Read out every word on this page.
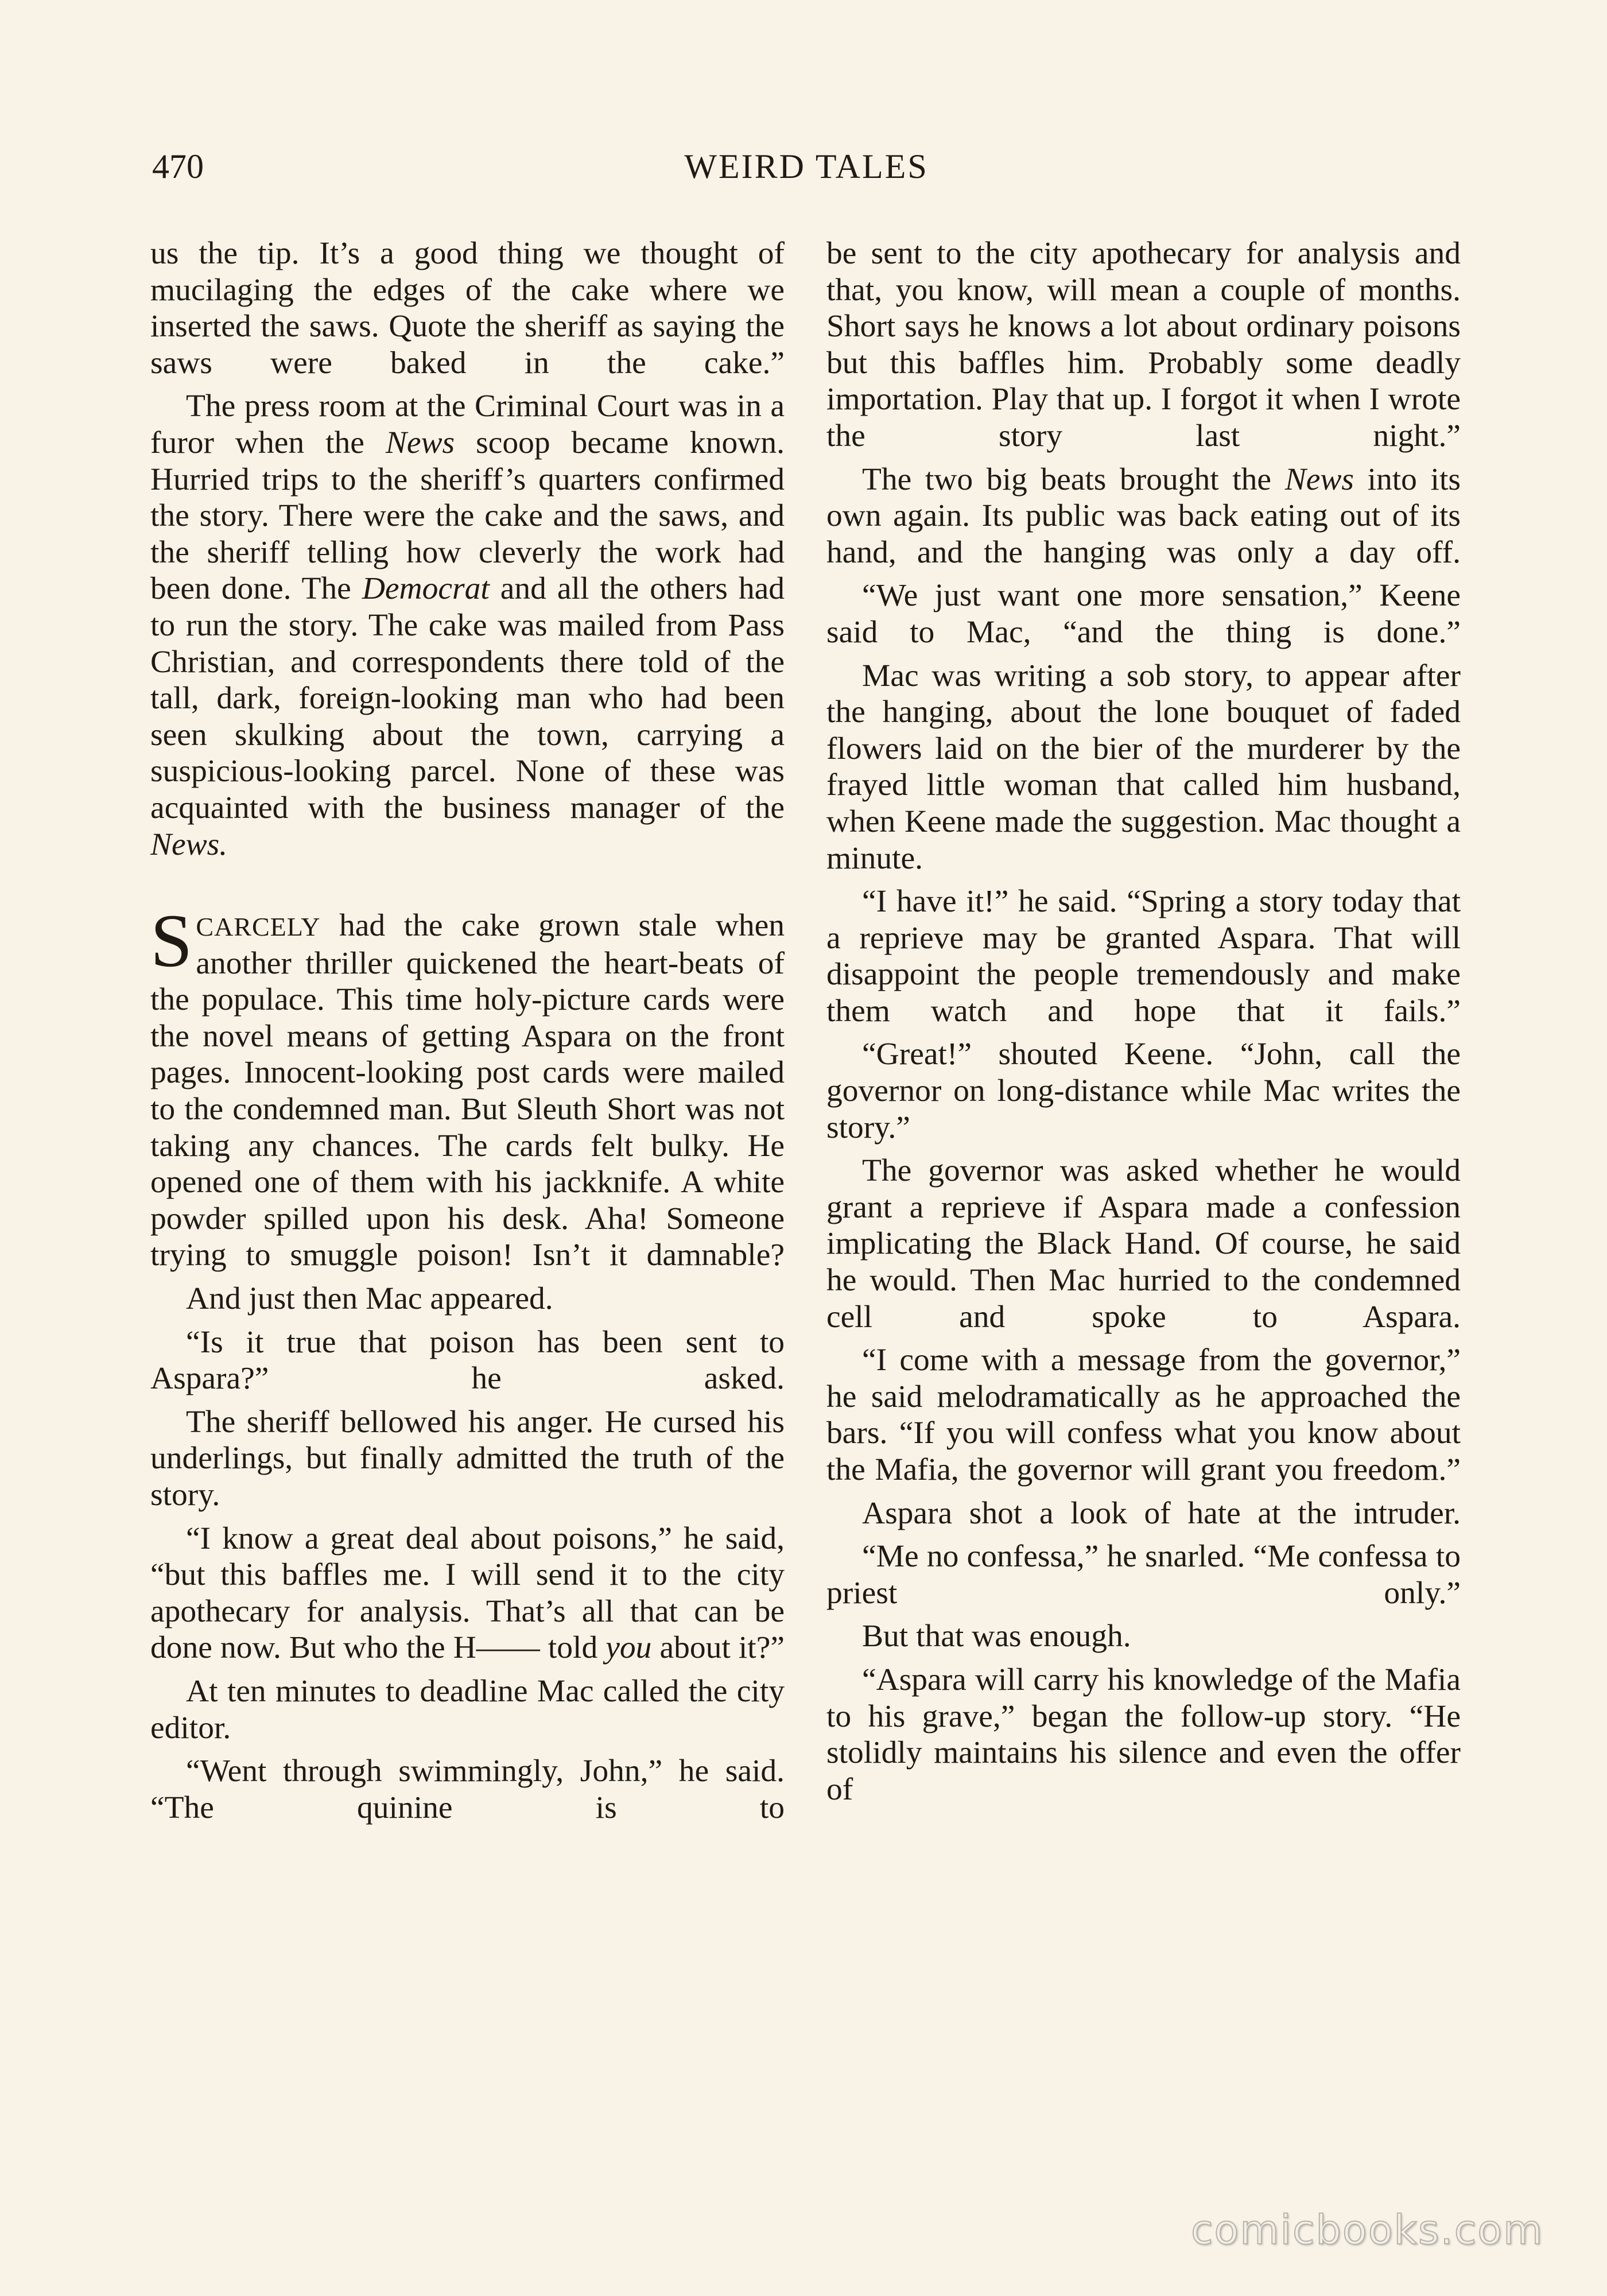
470	WEIRD TALES

us the tip. It’s a good thing we thought of mucilaging the edges of the cake where we inserted the saws. Quote the sheriff as saying the saws were baked in the cake.”

The press room at the Criminal Court was in a furor when the News scoop became known. Hurried trips to the sheriff’s quarters confirmed the story. There were the cake and the saws, and the sheriff telling how cleverly the work had been done. The Democrat and all the others had to run the story. The cake was mailed from Pass Christian, and correspondents there told of the tall, dark, foreign-looking man who had been seen skulking about the town, carrying a suspicious-looking parcel. None of these was acquainted with the business manager of the News.

SCARCELY had the cake grown stale when another thriller quickened the heart-beats of the populace. This time holy-picture cards were the novel means of getting Aspara on the front pages. Innocent-looking post cards were mailed to the condemned man. But Sleuth Short was not taking any chances. The cards felt bulky. He opened one of them with his jackknife. A white powder spilled upon his desk. Aha! Someone trying to smuggle poison! Isn’t it damnable?

And just then Mac appeared.

“Is it true that poison has been sent to Aspara?” he asked.

The sheriff bellowed his anger. He cursed his underlings, but finally admitted the truth of the story.

“I know a great deal about poisons,” he said, “but this baffles me. I will send it to the city apothecary for analysis. That’s all that can be done now. But who the H—— told you about it?”

At ten minutes to deadline Mac called the city editor.

“Went through swimmingly, John,” he said. “The quinine is to

be sent to the city apothecary for analysis and that, you know, will mean a couple of months. Short says he knows a lot about ordinary poisons but this baffles him. Probably some deadly importation. Play that up. I forgot it when I wrote the story last night.”

The two big beats brought the News into its own again. Its public was back eating out of its hand, and the hanging was only a day off.

“We just want one more sensation,” Keene said to Mac, “and the thing is done.”

Mac was writing a sob story, to appear after the hanging, about the lone bouquet of faded flowers laid on the bier of the murderer by the frayed little woman that called him husband, when Keene made the suggestion. Mac thought a minute.

“I have it!” he said. “Spring a story today that a reprieve may be granted Aspara. That will disappoint the people tremendously and make them watch and hope that it fails.”

“Great!” shouted Keene. “John, call the governor on long-distance while Mac writes the story.”

The governor was asked whether he would grant a reprieve if Aspara made a confession implicating the Black Hand. Of course, he said he would. Then Mac hurried to the condemned cell and spoke to Aspara.

“I come with a message from the governor,” he said melodramatically as he approached the bars. “If you will confess what you know about the Mafia, the governor will grant you freedom.”

Aspara shot a look of hate at the intruder.

“Me no confessa,” he snarled. “Me confessa to priest only.”

But that was enough.

“Aspara will carry his knowledge of the Mafia to his grave,” began the follow-up story. “He stolidly maintains his silence and even the offer of

comicbooks.com
